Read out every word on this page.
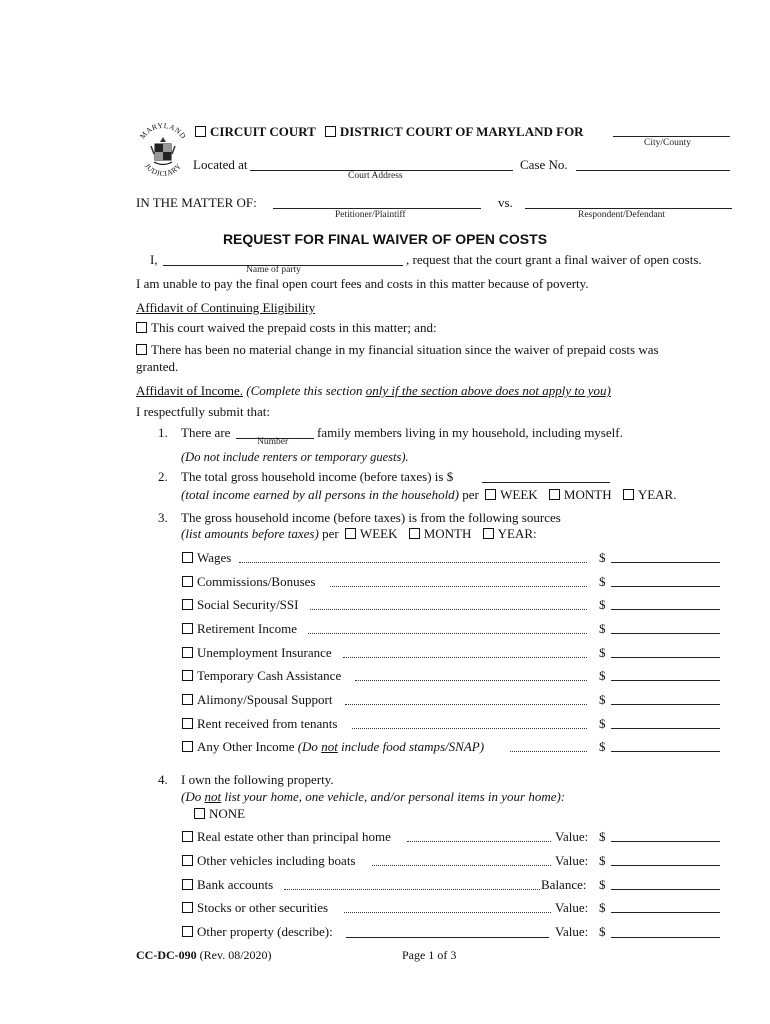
MARYLAND
JUDICIARY
CIRCUIT COURT DISTRICT COURT OF MARYLAND FOR
City/County
Located at
Court Address
Case No.
IN THE MATTER OF:
Petitioner/Plaintiff
vs.
Respondent/Defendant
REQUEST FOR FINAL WAIVER OF OPEN COSTS
I,
Name of party
, request that the court grant a final waiver of open costs.
I am unable to pay the final open court fees and costs in this matter because of poverty.
Affidavit of Continuing Eligibility
This court waived the prepaid costs in this matter; and:
There has been no material change in my financial situation since the waiver of prepaid costs was
granted.
Affidavit of Income. (Complete this section only if the section above does not apply to you)
I respectfully submit that:
1. There are
Number
family members living in my household, including myself.
(Do not include renters or temporary guests).
2. The total gross household income (before taxes) is $
(total income earned by all persons in the household) per WEEK MONTH YEAR.
3. The gross household income (before taxes) is from the following sources
(list amounts before taxes) per WEEK MONTH YEAR:
Wages	$
Commissions/Bonuses	$
Social Security/SSI	$
Retirement Income	$
Unemployment Insurance	$
Temporary Cash Assistance	$
Alimony/Spousal Support	$
Rent received from tenants	$
Any Other Income (Do not include food stamps/SNAP)	$
4. I own the following property.
(Do not list your home, one vehicle, and/or personal items in your home):
NONE
Real estate other than principal home	Value: $
Other vehicles including boats	Value: $
Bank accounts	Balance: $
Stocks or other securities	Value: $
Other property (describe):	Value: $
CC-DC-090 (Rev. 08/2020)	Page 1 of 3
